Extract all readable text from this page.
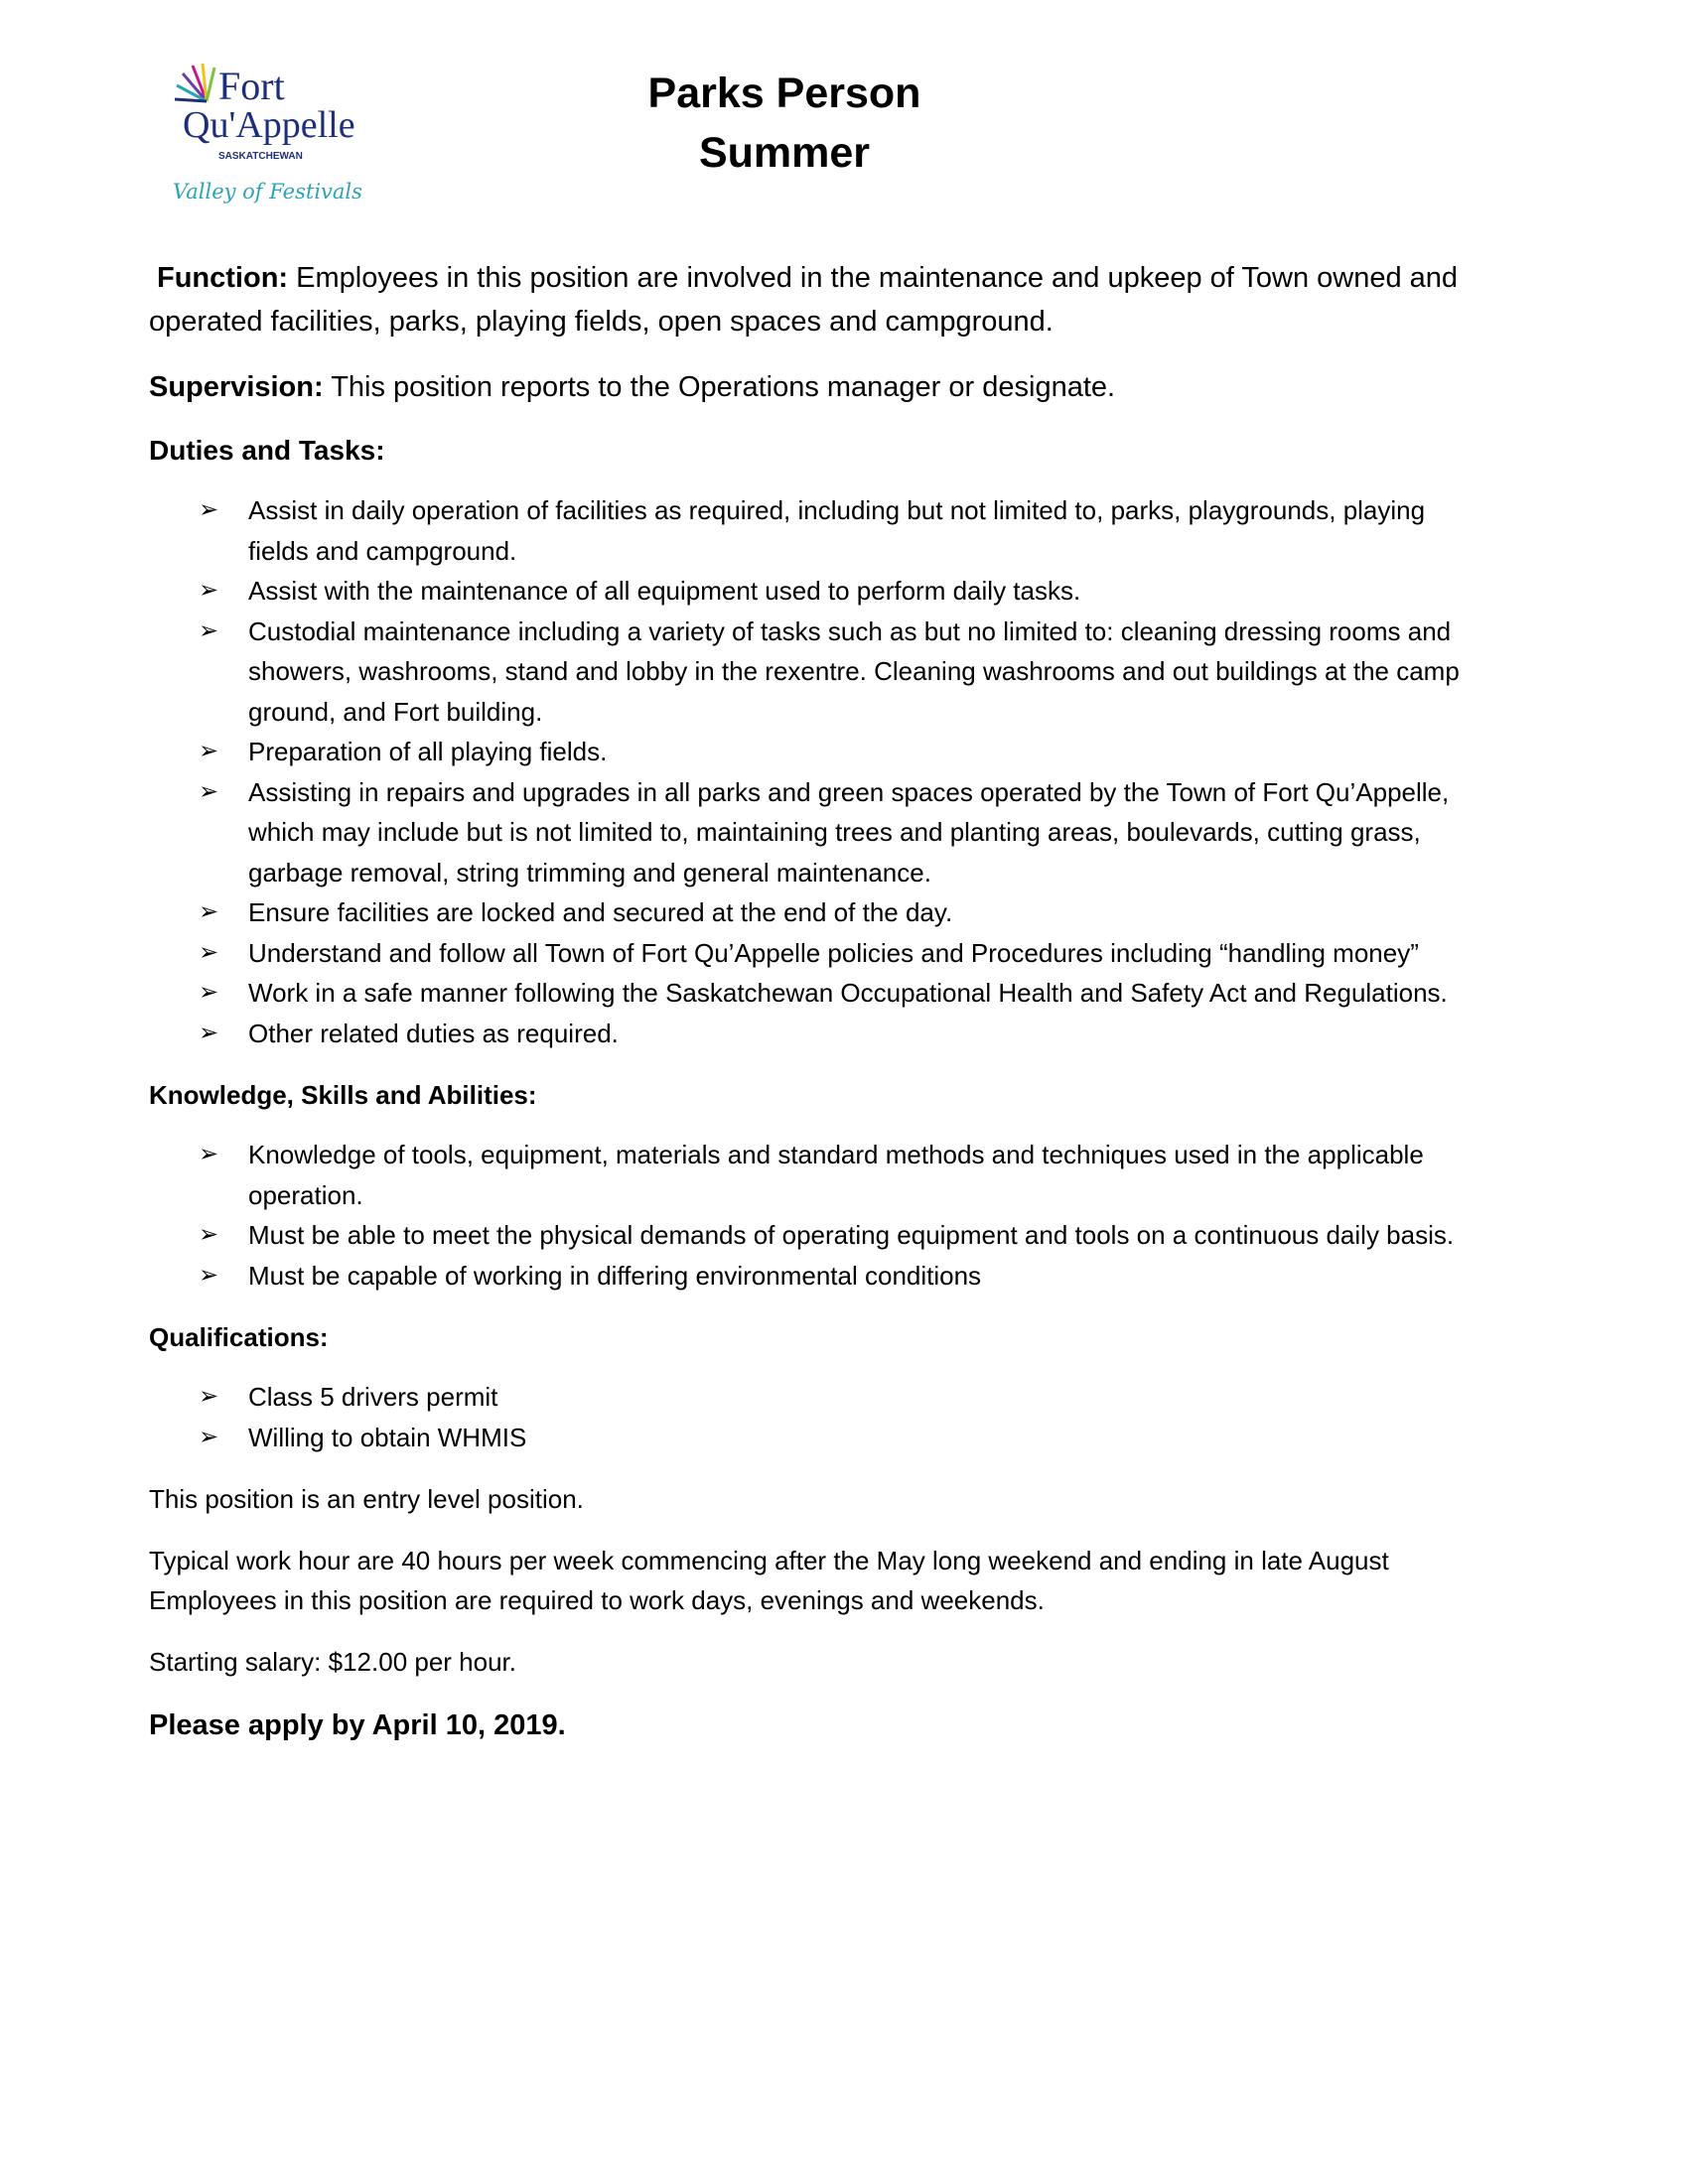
Fort
Qu'Appelle
SASKATCHEWAN
Valley of Festivals
Parks Person
Summer

Function: Employees in this position are involved in the maintenance and upkeep of Town owned and operated facilities, parks, playing fields, open spaces and campground.

Supervision: This position reports to the Operations manager or designate.

Duties and Tasks:
➢ Assist in daily operation of facilities as required, including but not limited to, parks, playgrounds, playing fields and campground.
➢ Assist with the maintenance of all equipment used to perform daily tasks.
➢ Custodial maintenance including a variety of tasks such as but no limited to: cleaning dressing rooms and showers, washrooms, stand and lobby in the rexentre. Cleaning washrooms and out buildings at the camp ground, and Fort building.
➢ Preparation of all playing fields.
➢ Assisting in repairs and upgrades in all parks and green spaces operated by the Town of Fort Qu’Appelle, which may include but is not limited to, maintaining trees and planting areas, boulevards, cutting grass, garbage removal, string trimming and general maintenance.
➢ Ensure facilities are locked and secured at the end of the day.
➢ Understand and follow all Town of Fort Qu’Appelle policies and Procedures including “handling money”
➢ Work in a safe manner following the Saskatchewan Occupational Health and Safety Act and Regulations.
➢ Other related duties as required.
Knowledge, Skills and Abilities:
➢ Knowledge of tools, equipment, materials and standard methods and techniques used in the applicable operation.
➢ Must be able to meet the physical demands of operating equipment and tools on a continuous daily basis.
➢ Must be capable of working in differing environmental conditions
Qualifications:
➢ Class 5 drivers permit
➢ Willing to obtain WHMIS

This position is an entry level position.

Typical work hour are 40 hours per week commencing after the May long weekend and ending in late August Employees in this position are required to work days, evenings and weekends.

Starting salary: $12.00 per hour.

Please apply by April 10, 2019.
